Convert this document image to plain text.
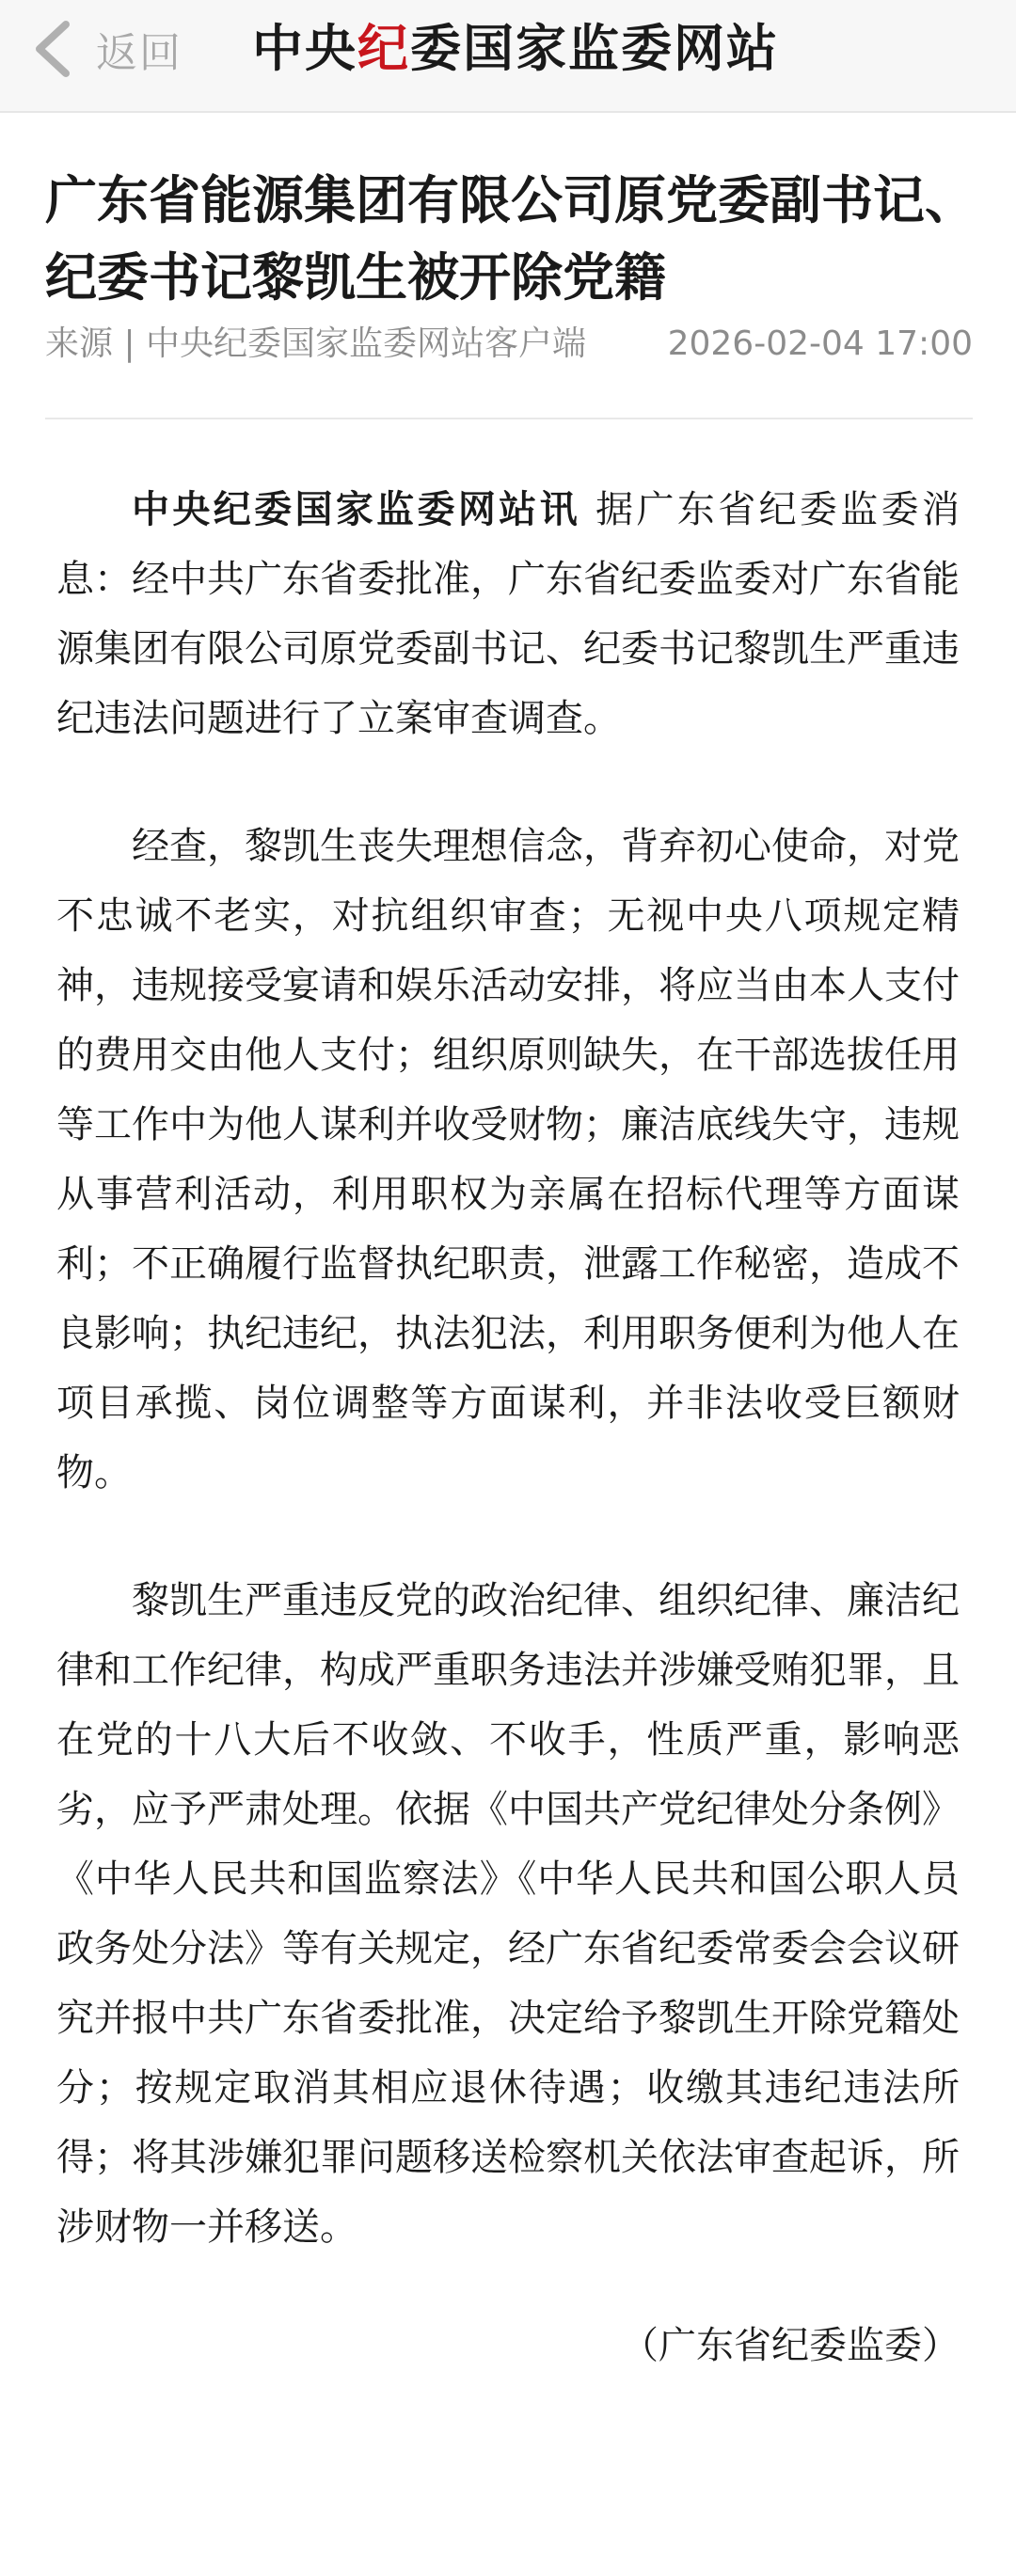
返回 中央纪委国家监委网站
广东省能源集团有限公司原党委副书记、纪委书记黎凯生被开除党籍
来源 | 中央纪委国家监委网站客户端 2026-02-04 17:00

中央纪委国家监委网站讯 据广东省纪委监委消息：经中共广东省委批准，广东省纪委监委对广东省能源集团有限公司原党委副书记、纪委书记黎凯生严重违纪违法问题进行了立案审查调查。

经查，黎凯生丧失理想信念，背弃初心使命，对党不忠诚不老实，对抗组织审查；无视中央八项规定精神，违规接受宴请和娱乐活动安排，将应当由本人支付的费用交由他人支付；组织原则缺失，在干部选拔任用等工作中为他人谋利并收受财物；廉洁底线失守，违规从事营利活动，利用职权为亲属在招标代理等方面谋利；不正确履行监督执纪职责，泄露工作秘密，造成不良影响；执纪违纪，执法犯法，利用职务便利为他人在项目承揽、岗位调整等方面谋利，并非法收受巨额财物。

黎凯生严重违反党的政治纪律、组织纪律、廉洁纪律和工作纪律，构成严重职务违法并涉嫌受贿犯罪，且在党的十八大后不收敛、不收手，性质严重，影响恶劣，应予严肃处理。依据《中国共产党纪律处分条例》《中华人民共和国监察法》《中华人民共和国公职人员政务处分法》等有关规定，经广东省纪委常委会会议研究并报中共广东省委批准，决定给予黎凯生开除党籍处分；按规定取消其相应退休待遇；收缴其违纪违法所得；将其涉嫌犯罪问题移送检察机关依法审查起诉，所涉财物一并移送。

（广东省纪委监委）
